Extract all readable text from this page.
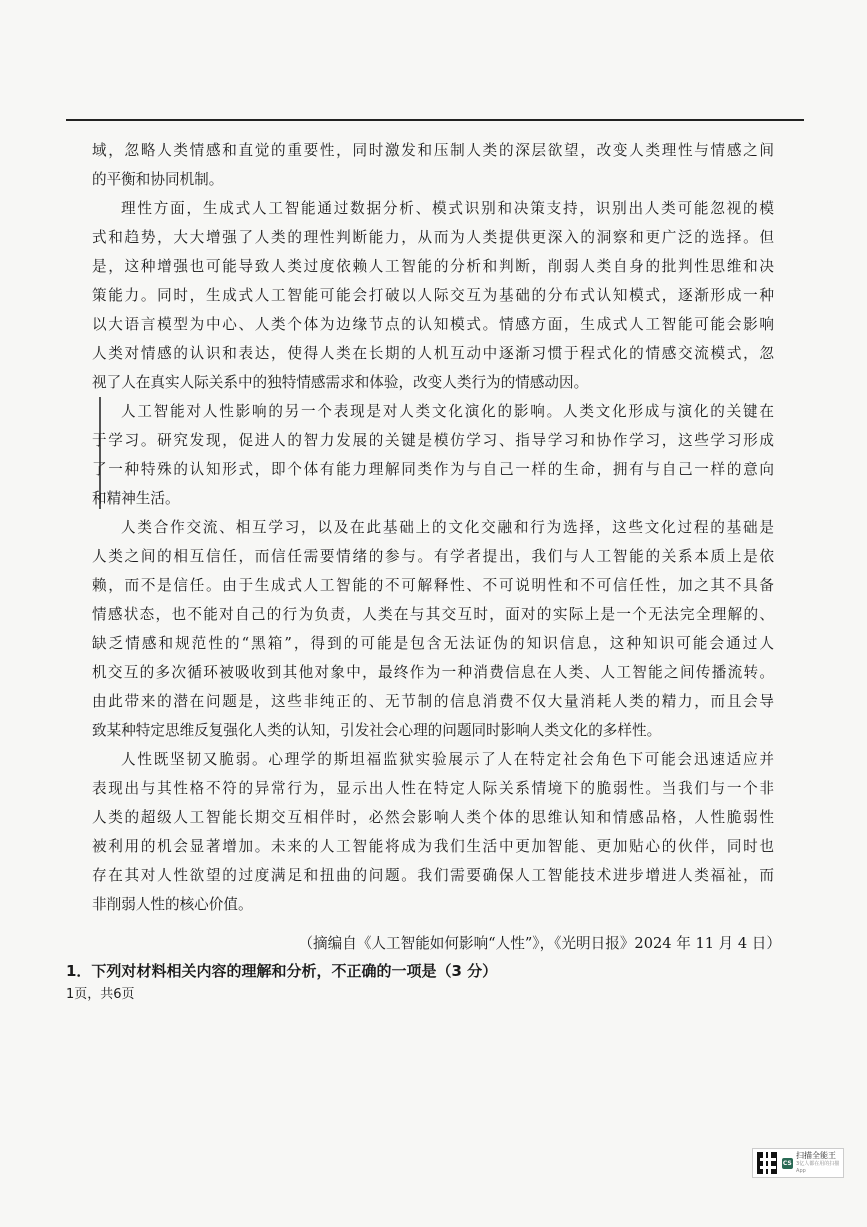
域，忽略人类情感和直觉的重要性，同时激发和压制人类的深层欲望，改变人类理性与情感之间
的平衡和协同机制。
理性方面，生成式人工智能通过数据分析、模式识别和决策支持，识别出人类可能忽视的模
式和趋势，大大增强了人类的理性判断能力，从而为人类提供更深入的洞察和更广泛的选择。但
是，这种增强也可能导致人类过度依赖人工智能的分析和判断，削弱人类自身的批判性思维和决
策能力。同时，生成式人工智能可能会打破以人际交互为基础的分布式认知模式，逐渐形成一种
以大语言模型为中心、人类个体为边缘节点的认知模式。情感方面，生成式人工智能可能会影响
人类对情感的认识和表达，使得人类在长期的人机互动中逐渐习惯于程式化的情感交流模式，忽
视了人在真实人际关系中的独特情感需求和体验，改变人类行为的情感动因。
人工智能对人性影响的另一个表现是对人类文化演化的影响。人类文化形成与演化的关键在
于学习。研究发现，促进人的智力发展的关键是模仿学习、指导学习和协作学习，这些学习形成
了一种特殊的认知形式，即个体有能力理解同类作为与自己一样的生命，拥有与自己一样的意向
和精神生活。
人类合作交流、相互学习，以及在此基础上的文化交融和行为选择，这些文化过程的基础是
人类之间的相互信任，而信任需要情绪的参与。有学者提出，我们与人工智能的关系本质上是依
赖，而不是信任。由于生成式人工智能的不可解释性、不可说明性和不可信任性，加之其不具备
情感状态，也不能对自己的行为负责，人类在与其交互时，面对的实际上是一个无法完全理解的、
缺乏情感和规范性的“黑箱”，得到的可能是包含无法证伪的知识信息，这种知识可能会通过人
机交互的多次循环被吸收到其他对象中，最终作为一种消费信息在人类、人工智能之间传播流转。
由此带来的潜在问题是，这些非纯正的、无节制的信息消费不仅大量消耗人类的精力，而且会导
致某种特定思维反复强化人类的认知，引发社会心理的问题同时影响人类文化的多样性。
人性既坚韧又脆弱。心理学的斯坦福监狱实验展示了人在特定社会角色下可能会迅速适应并
表现出与其性格不符的异常行为，显示出人性在特定人际关系情境下的脆弱性。当我们与一个非
人类的超级人工智能长期交互相伴时，必然会影响人类个体的思维认知和情感品格，人性脆弱性
被利用的机会显著增加。未来的人工智能将成为我们生活中更加智能、更加贴心的伙伴，同时也
存在其对人性欲望的过度满足和扭曲的问题。我们需要确保人工智能技术进步增进人类福祉，而
非削弱人性的核心价值。
（摘编自《人工智能如何影响“人性”》，《光明日报》2024 年 11 月 4 日）
1．下列对材料相关内容的理解和分析，不正确的一项是（3 分）
1页，共6页
CS
扫描全能王
3亿人都在用的扫描App
